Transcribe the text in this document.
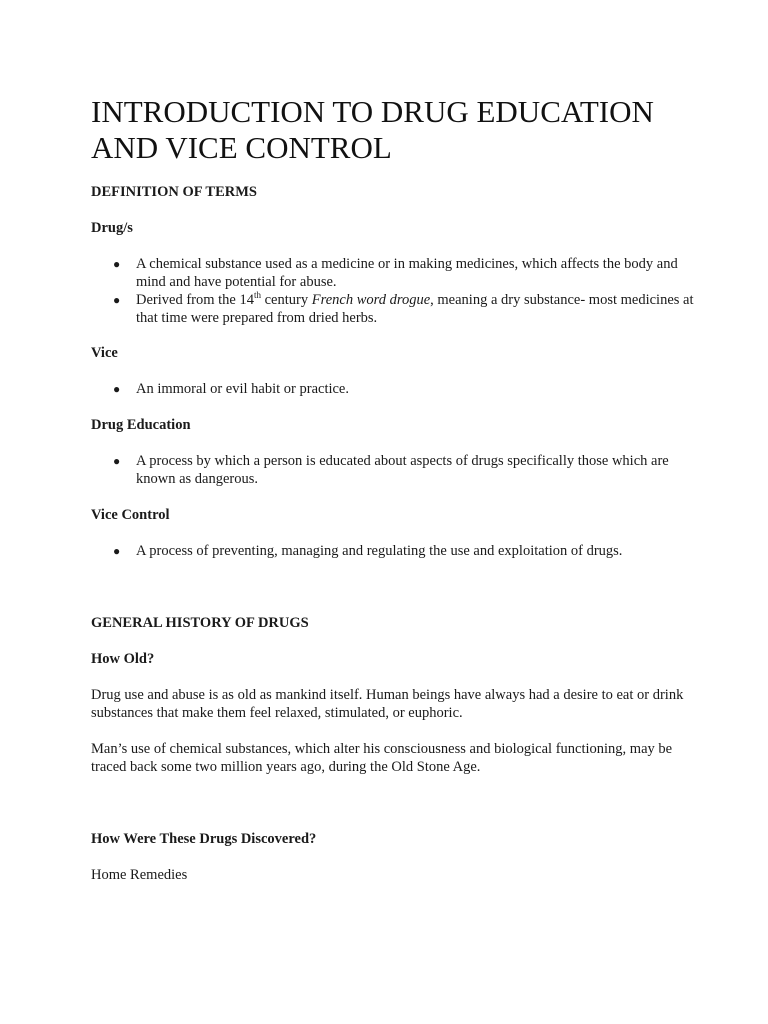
INTRODUCTION TO DRUG EDUCATION AND VICE CONTROL
DEFINITION OF TERMS
Drug/s
● A chemical substance used as a medicine or in making medicines, which affects the body and mind and have potential for abuse.
● Derived from the 14th century French word drogue, meaning a dry substance- most medicines at that time were prepared from dried herbs.
Vice
● An immoral or evil habit or practice.
Drug Education
● A process by which a person is educated about aspects of drugs specifically those which are known as dangerous.
Vice Control
● A process of preventing, managing and regulating the use and exploitation of drugs.
GENERAL HISTORY OF DRUGS
How Old?

Drug use and abuse is as old as mankind itself. Human beings have always had a desire to eat or drink substances that make them feel relaxed, stimulated, or euphoric.

Man’s use of chemical substances, which alter his consciousness and biological functioning, may be traced back some two million years ago, during the Old Stone Age.

How Were These Drugs Discovered?

Home Remedies
